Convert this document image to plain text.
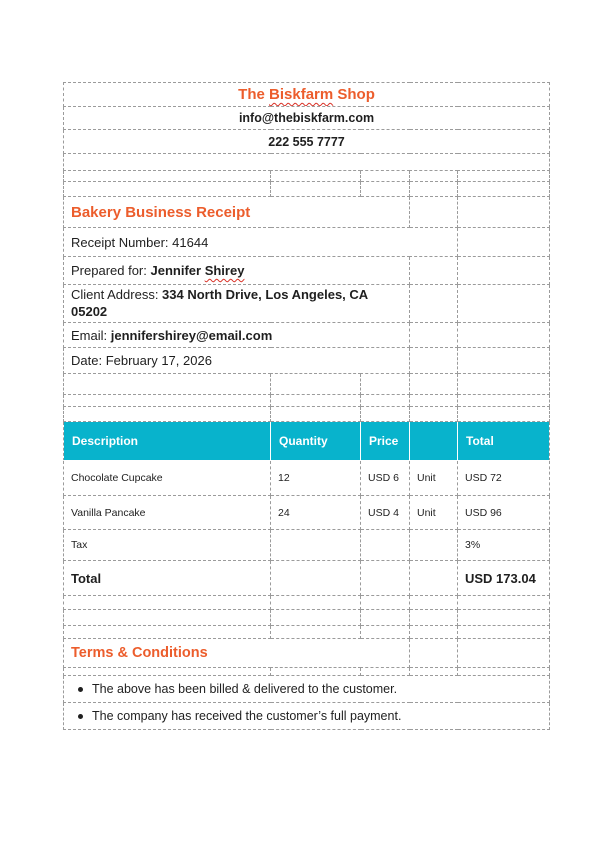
The Biskfarm Shop				
info@thebiskfarm.com				
222 555 7777				

Bakery Business Receipt				
Receipt Number: 41644				
Prepared for: Jennifer Shirey				
Client Address: 334 North Drive, Los Angeles, CA 05202				
Email: jennifershirey@email.com				
Date: February 17, 2026				

Description	Quantity	Price		Total
Chocolate Cupcake	12	USD 6	Unit	USD 72
Vanilla Pancake	24	USD 4	Unit	USD 96
Tax				3%
Total				USD 173.04

Terms & Conditions				

The above has been billed & delivered to the customer.				

The company has received the customer’s full payment.				
